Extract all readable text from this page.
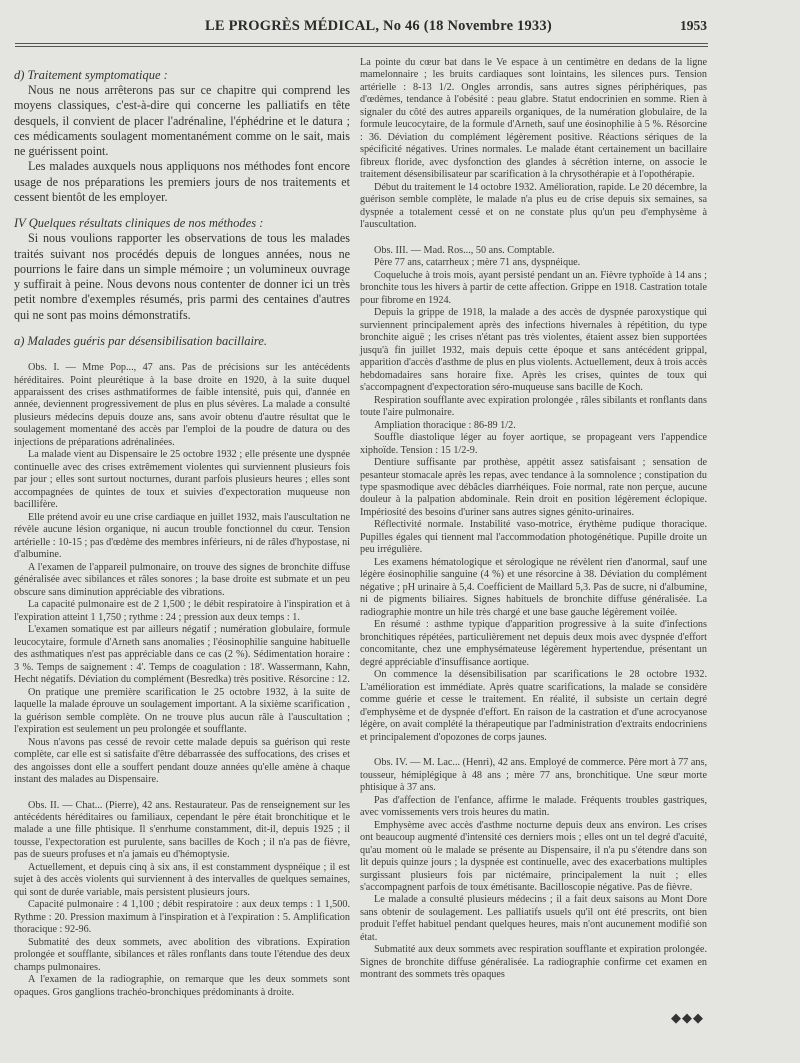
LE PROGRÈS MÉDICAL, No 46 (18 Novembre 1933)	1953

d) Traitement symptomatique :

Nous ne nous arrêterons pas sur ce chapitre qui comprend les moyens classiques, c'est-à-dire qui concerne les palliatifs en tête desquels, il convient de placer l'adrénaline, l'éphédrine et le datura ; ces médicaments soulagent momentanément comme on le sait, mais ne guérissent point.

Les malades auxquels nous appliquons nos méthodes font encore usage de nos préparations les premiers jours de nos traitements et cessent bientôt de les employer.

IV Quelques résultats cliniques de nos méthodes :

Si nous voulions rapporter les observations de tous les malades traités suivant nos procédés depuis de longues années, nous ne pourrions le faire dans un simple mémoire ; un volumineux ouvrage y suffirait à peine. Nous devons nous contenter de donner ici un très petit nombre d'exemples résumés, pris parmi des centaines d'autres qui ne sont pas moins démonstratifs.

a) Malades guéris par désensibilisation bacillaire.

Obs. I. — Mme Pop..., 47 ans. Pas de précisions sur les antécédents héréditaires. Point pleurétique à la base droite en 1920, à la suite duquel apparaissent des crises asthmatiformes de faible intensité, puis qui, d'année en année, deviennent progressivement de plus en plus sévères. La malade a consulté plusieurs médecins depuis douze ans, sans avoir obtenu d'autre résultat que le soulagement momentané des accès par l'emploi de la poudre de datura ou des injections de préparations adrénalinées.

La malade vient au Dispensaire le 25 octobre 1932 ; elle présente une dyspnée continuelle avec des crises extrêmement violentes qui surviennent plusieurs fois par jour ; elles sont surtout nocturnes, durant parfois plusieurs heures ; elles sont accompagnées de quintes de toux et suivies d'expectoration muqueuse non bacillifère.

Elle prétend avoir eu une crise cardiaque en juillet 1932, mais l'auscultation ne révèle aucune lésion organique, ni aucun trouble fonctionnel du cœur. Tension artérielle : 10-15 ; pas d'œdème des membres inférieurs, ni de râles d'hypostase, ni d'albumine.

A l'examen de l'appareil pulmonaire, on trouve des signes de bronchite diffuse généralisée avec sibilances et râles sonores ; la base droite est submate et un peu obscure sans diminution appréciable des vibrations.

La capacité pulmonaire est de 2 1,500 ; le débit respiratoire à l'inspiration et à l'expiration atteint 1 1,750 ; rythme : 24 ; pression aux deux temps : 1.

L'examen somatique est par ailleurs négatif ; numération globulaire, formule leucocytaire, formule d'Arneth sans anomalies ; l'éosinophilie sanguine habituelle des asthmatiques n'est pas appréciable dans ce cas (2 %). Sédimentation horaire : 3 %. Temps de saignement : 4'. Temps de coagulation : 18'. Wassermann, Kahn, Hecht négatifs. Déviation du complément (Besredka) très positive. Résorcine : 12.

On pratique une première scarification le 25 octobre 1932, à la suite de laquelle la malade éprouve un soulagement important. A la sixième scarification , la guérison semble complète. On ne trouve plus aucun râle à l'auscultation ; l'expiration est seulement un peu prolongée et soufflante.

Nous n'avons pas cessé de revoir cette malade depuis sa guérison qui reste complète, car elle est si satisfaite d'être débarrassée des suffocations, des crises et des angoisses dont elle a souffert pendant douze années qu'elle amène à chaque instant des malades au Dispensaire.

Obs. II. — Chat... (Pierre), 42 ans. Restaurateur. Pas de renseignement sur les antécédents héréditaires ou familiaux, cependant le père était bronchitique et le malade a une fille phtisique. Il s'enrhume constamment, dit-il, depuis 1925 ; il tousse, l'expectoration est purulente, sans bacilles de Koch ; il n'a pas de fièvre, pas de sueurs profuses et n'a jamais eu d'hémoptysie.

Actuellement, et depuis cinq à six ans, il est constamment dyspnéique ; il est sujet à des accès violents qui surviennent à des intervalles de quelques semaines, qui sont de durée variable, mais persistent plusieurs jours.

Capacité pulmonaire : 4 1,100 ; débit respiratoire : aux deux temps : 1 1,500. Rythme : 20. Pression maximum à l'inspiration et à l'expiration : 5. Amplification thoracique : 92-96.

Submatité des deux sommets, avec abolition des vibrations. Expiration prolongée et soufflante, sibilances et râles ronflants dans toute l'étendue des deux champs pulmonaires.

A l'examen de la radiographie, on remarque que les deux sommets sont opaques. Gros ganglions trachéo-bronchiques prédominants à droite.

La pointe du cœur bat dans le Ve espace à un centimètre en dedans de la ligne mamelonnaire ; les bruits cardiaques sont lointains, les silences purs. Tension artérielle : 8-13 1/2. Ongles arrondis, sans autres signes périphériques, pas d'œdèmes, tendance à l'obésité : peau glabre. Statut endocrinien en somme. Rien à signaler du côté des autres appareils organiques, de la numération globulaire, de la formule leucocytaire, de la formule d'Arneth, sauf une éosinophilie à 5 %. Résorcine : 36. Déviation du complément légèrement positive. Réactions sériques de la spécificité négatives. Urines normales. Le malade étant certainement un bacillaire fibreux floride, avec dysfonction des glandes à sécrétion interne, on associe le traitement désensibilisateur par scarification à la chrysothérapie et à l'opothérapie.

Début du traitement le 14 octobre 1932. Amélioration, rapide. Le 20 décembre, la guérison semble complète, le malade n'a plus eu de crise depuis six semaines, sa dyspnée a totalement cessé et on ne constate plus qu'un peu d'emphysème à l'auscultation.

Obs. III. — Mad. Ros..., 50 ans. Comptable.

Père 77 ans, catarrheux ; mère 71 ans, dyspnéique.

Coqueluche à trois mois, ayant persisté pendant un an. Fièvre typhoïde à 14 ans ; bronchite tous les hivers à partir de cette affection. Grippe en 1918. Castration totale pour fibrome en 1924.

Depuis la grippe de 1918, la malade a des accès de dyspnée paroxystique qui surviennent principalement après des infections hivernales à répétition, du type bronchite aiguë ; les crises n'étant pas très violentes, étaient assez bien supportées jusqu'à fin juillet 1932, mais depuis cette époque et sans antécédent grippal, apparition d'accès d'asthme de plus en plus violents. Actuellement, deux à trois accès hebdomadaires sans horaire fixe. Après les crises, quintes de toux qui s'accompagnent d'expectoration séro-muqueuse sans bacille de Koch.

Respiration soufflante avec expiration prolongée , râles sibilants et ronflants dans toute l'aire pulmonaire.

Ampliation thoracique : 86-89 1/2.

Souffle diastolique léger au foyer aortique, se propageant vers l'appendice xiphoïde. Tension : 15 1/2-9.

Dentiure suffisante par prothèse, appétit assez satisfaisant ; sensation de pesanteur stomacale après les repas, avec tendance à la somnolence ; constipation du type spasmodique avec débâcles diarrhéiques. Foie normal, rate non perçue, aucune douleur à la palpation abdominale. Rein droit en position légèrement éclopique. Impériosité des besoins d'uriner sans autres signes génito-urinaires.

Réflectivité normale. Instabilité vaso-motrice, érythème pudique thoracique. Pupilles égales qui tiennent mal l'accommodation photogénétique. Pupille droite un peu irrégulière.

Les examens hématologique et sérologique ne révèlent rien d'anormal, sauf une légère éosinophilie sanguine (4 %) et une résorcine à 38. Déviation du complément négative ; pH urinaire à 5,4. Coefficient de Maillard 5,3. Pas de sucre, ni d'albumine, ni de pigments biliaires. Signes habituels de bronchite diffuse généralisée. La radiographie montre un hile très chargé et une base gauche légèrement voilée.

En résumé : asthme typique d'apparition progressive à la suite d'infections bronchitiques répétées, particulièrement net depuis deux mois avec dyspnée d'effort concomitante, chez une emphysémateuse légèrement hypertendue, présentant un degré appréciable d'insuffisance aortique.

On commence la désensibilisation par scarifications le 28 octobre 1932. L'amélioration est immédiate. Après quatre scarifications, la malade se considère comme guérie et cesse le traitement. En réalité, il subsiste un certain degré d'emphysème et de dyspnée d'effort. En raison de la castration et d'une acrocyanose légère, on avait complété la thérapeutique par l'administration d'extraits endocriniens et principalement d'opozones de corps jaunes.

Obs. IV. — M. Lac... (Henri), 42 ans. Employé de commerce. Père mort à 77 ans, tousseur, hémiplégique à 48 ans ; mère 77 ans, bronchitique. Une sœur morte phtisique à 37 ans.

Pas d'affection de l'enfance, affirme le malade. Fréquents troubles gastriques, avec vomissements vers trois heures du matin.

Emphysème avec accès d'asthme nocturne depuis deux ans environ. Les crises ont beaucoup augmenté d'intensité ces derniers mois ; elles ont un tel degré d'acuité, qu'au moment où le malade se présente au Dispensaire, il n'a pu s'étendre dans son lit depuis quinze jours ; la dyspnée est continuelle, avec des exacerbations multiples surgissant plusieurs fois par nictémaire, principalement la nuit ; elles s'accompagnent parfois de toux émétisante. Bacilloscopie négative. Pas de fièvre.

Le malade a consulté plusieurs médecins ; il a fait deux saisons au Mont Dore sans obtenir de soulagement. Les palliatifs usuels qu'il ont été prescrits, ont bien produit l'effet habituel pendant quelques heures, mais n'ont aucunement modifié son état.

Submatité aux deux sommets avec respiration soufflante et expiration prolongée. Signes de bronchite diffuse généralisée. La radiographie confirme cet examen en montrant des sommets très opaques

◆◆◆
